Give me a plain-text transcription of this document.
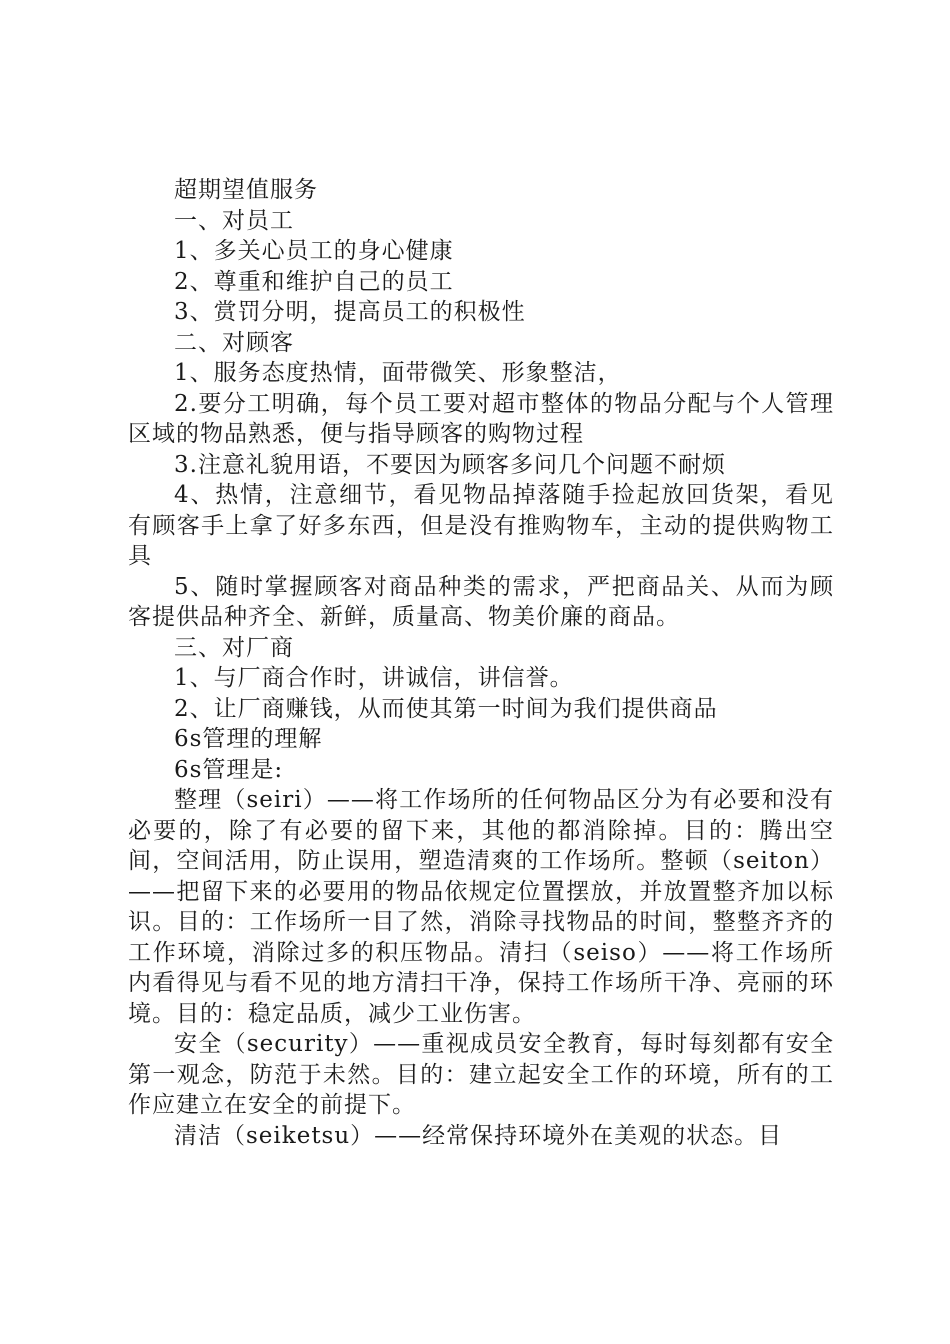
超期望值服务

一、对员工

1、多关心员工的身心健康

2、尊重和维护自己的员工

3、赏罚分明，提高员工的积极性

二、对顾客

1、服务态度热情，面带微笑、形象整洁，

2.要分工明确，每个员工要对超市整体的物品分配与个人管理区域的物品熟悉，便与指导顾客的购物过程

3.注意礼貌用语，不要因为顾客多问几个问题不耐烦

4、热情，注意细节，看见物品掉落随手捡起放回货架，看见有顾客手上拿了好多东西，但是没有推购物车，主动的提供购物工具

5、随时掌握顾客对商品种类的需求，严把商品关、从而为顾客提供品种齐全、新鲜，质量高、物美价廉的商品。

三、对厂商

1、与厂商合作时，讲诚信，讲信誉。

2、让厂商赚钱，从而使其第一时间为我们提供商品

6s管理的理解

6s管理是:

整理（seiri）——将工作场所的任何物品区分为有必要和没有必要的，除了有必要的留下来，其他的都消除掉。目的：腾出空间，空间活用，防止误用，塑造清爽的工作场所。整顿（seiton）——把留下来的必要用的物品依规定位置摆放，并放置整齐加以标识。目的：工作场所一目了然，消除寻找物品的时间，整整齐齐的工作环境，消除过多的积压物品。清扫（seiso）——将工作场所内看得见与看不见的地方清扫干净，保持工作场所干净、亮丽的环境。目的：稳定品质，减少工业伤害。

安全（security）——重视成员安全教育，每时每刻都有安全第一观念，防范于未然。目的：建立起安全工作的环境，所有的工作应建立在安全的前提下。

清洁（seiketsu）——经常保持环境外在美观的状态。目
